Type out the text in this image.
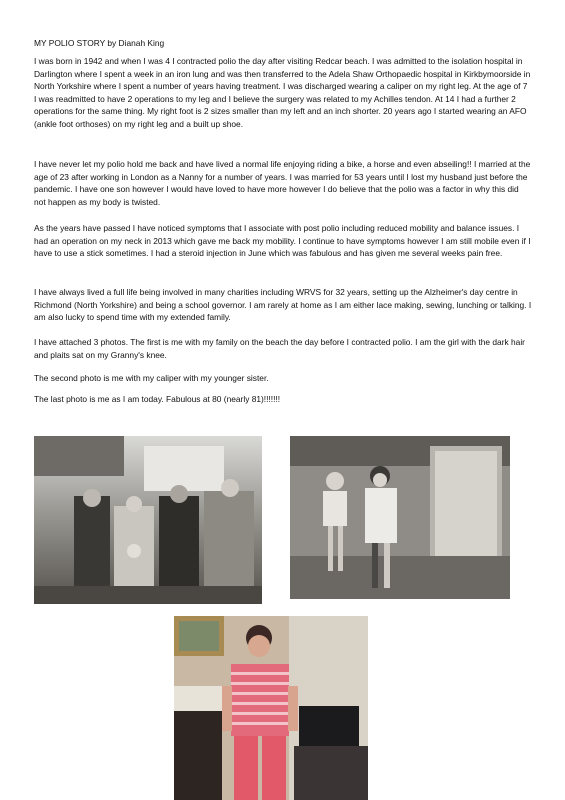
MY POLIO STORY by Dianah King

I was born in 1942 and when I was 4 I contracted polio the day after visiting Redcar beach. I was admitted to the isolation hospital in Darlington where I spent a week in an iron lung and was then transferred to the Adela Shaw Orthopaedic hospital in Kirkbymoorside in North Yorkshire where I spent a number of years having treatment. I was discharged wearing a caliper on my right leg. At the age of 7 I was readmitted to have 2 operations to my leg and I believe the surgery was related to my Achilles tendon. At 14 I had a further 2 operations for the same thing. My right foot is 2 sizes smaller than my left and an inch shorter. 20 years ago I started wearing an AFO (ankle foot orthoses) on my right leg and a built up shoe.

I have never let my polio hold me back and have lived a normal life enjoying riding a bike, a horse and even abseiling!! I married at the age of 23 after working in London as a Nanny for a number of years. I was married for 53 years until I lost my husband just before the pandemic. I have one son however I would have loved to have more however I do believe that the polio was a factor in why this did not happen as my body is twisted.

As the years have passed I have noticed symptoms that I associate with post polio including reduced mobility and balance issues. I had an operation on my neck in 2013 which gave me back my mobility. I continue to have symptoms however I am still mobile even if I have to use a stick sometimes. I had a steroid injection in June which was fabulous and has given me several weeks pain free.

I have always lived a full life being involved in many charities including WRVS for 32 years, setting up the Alzheimer's day centre in Richmond (North Yorkshire) and being a school governor. I am rarely at home as I am either lace making, sewing, lunching or talking. I am also lucky to spend time with my extended family.

I have attached 3 photos. The first is me with my family on the beach the day before I contracted polio. I am the girl with the dark hair and plaits sat on my Granny's knee.

The second photo is me with my caliper with my younger sister.

The last photo is me as I am today. Fabulous at 80 (nearly 81)!!!!!!!
